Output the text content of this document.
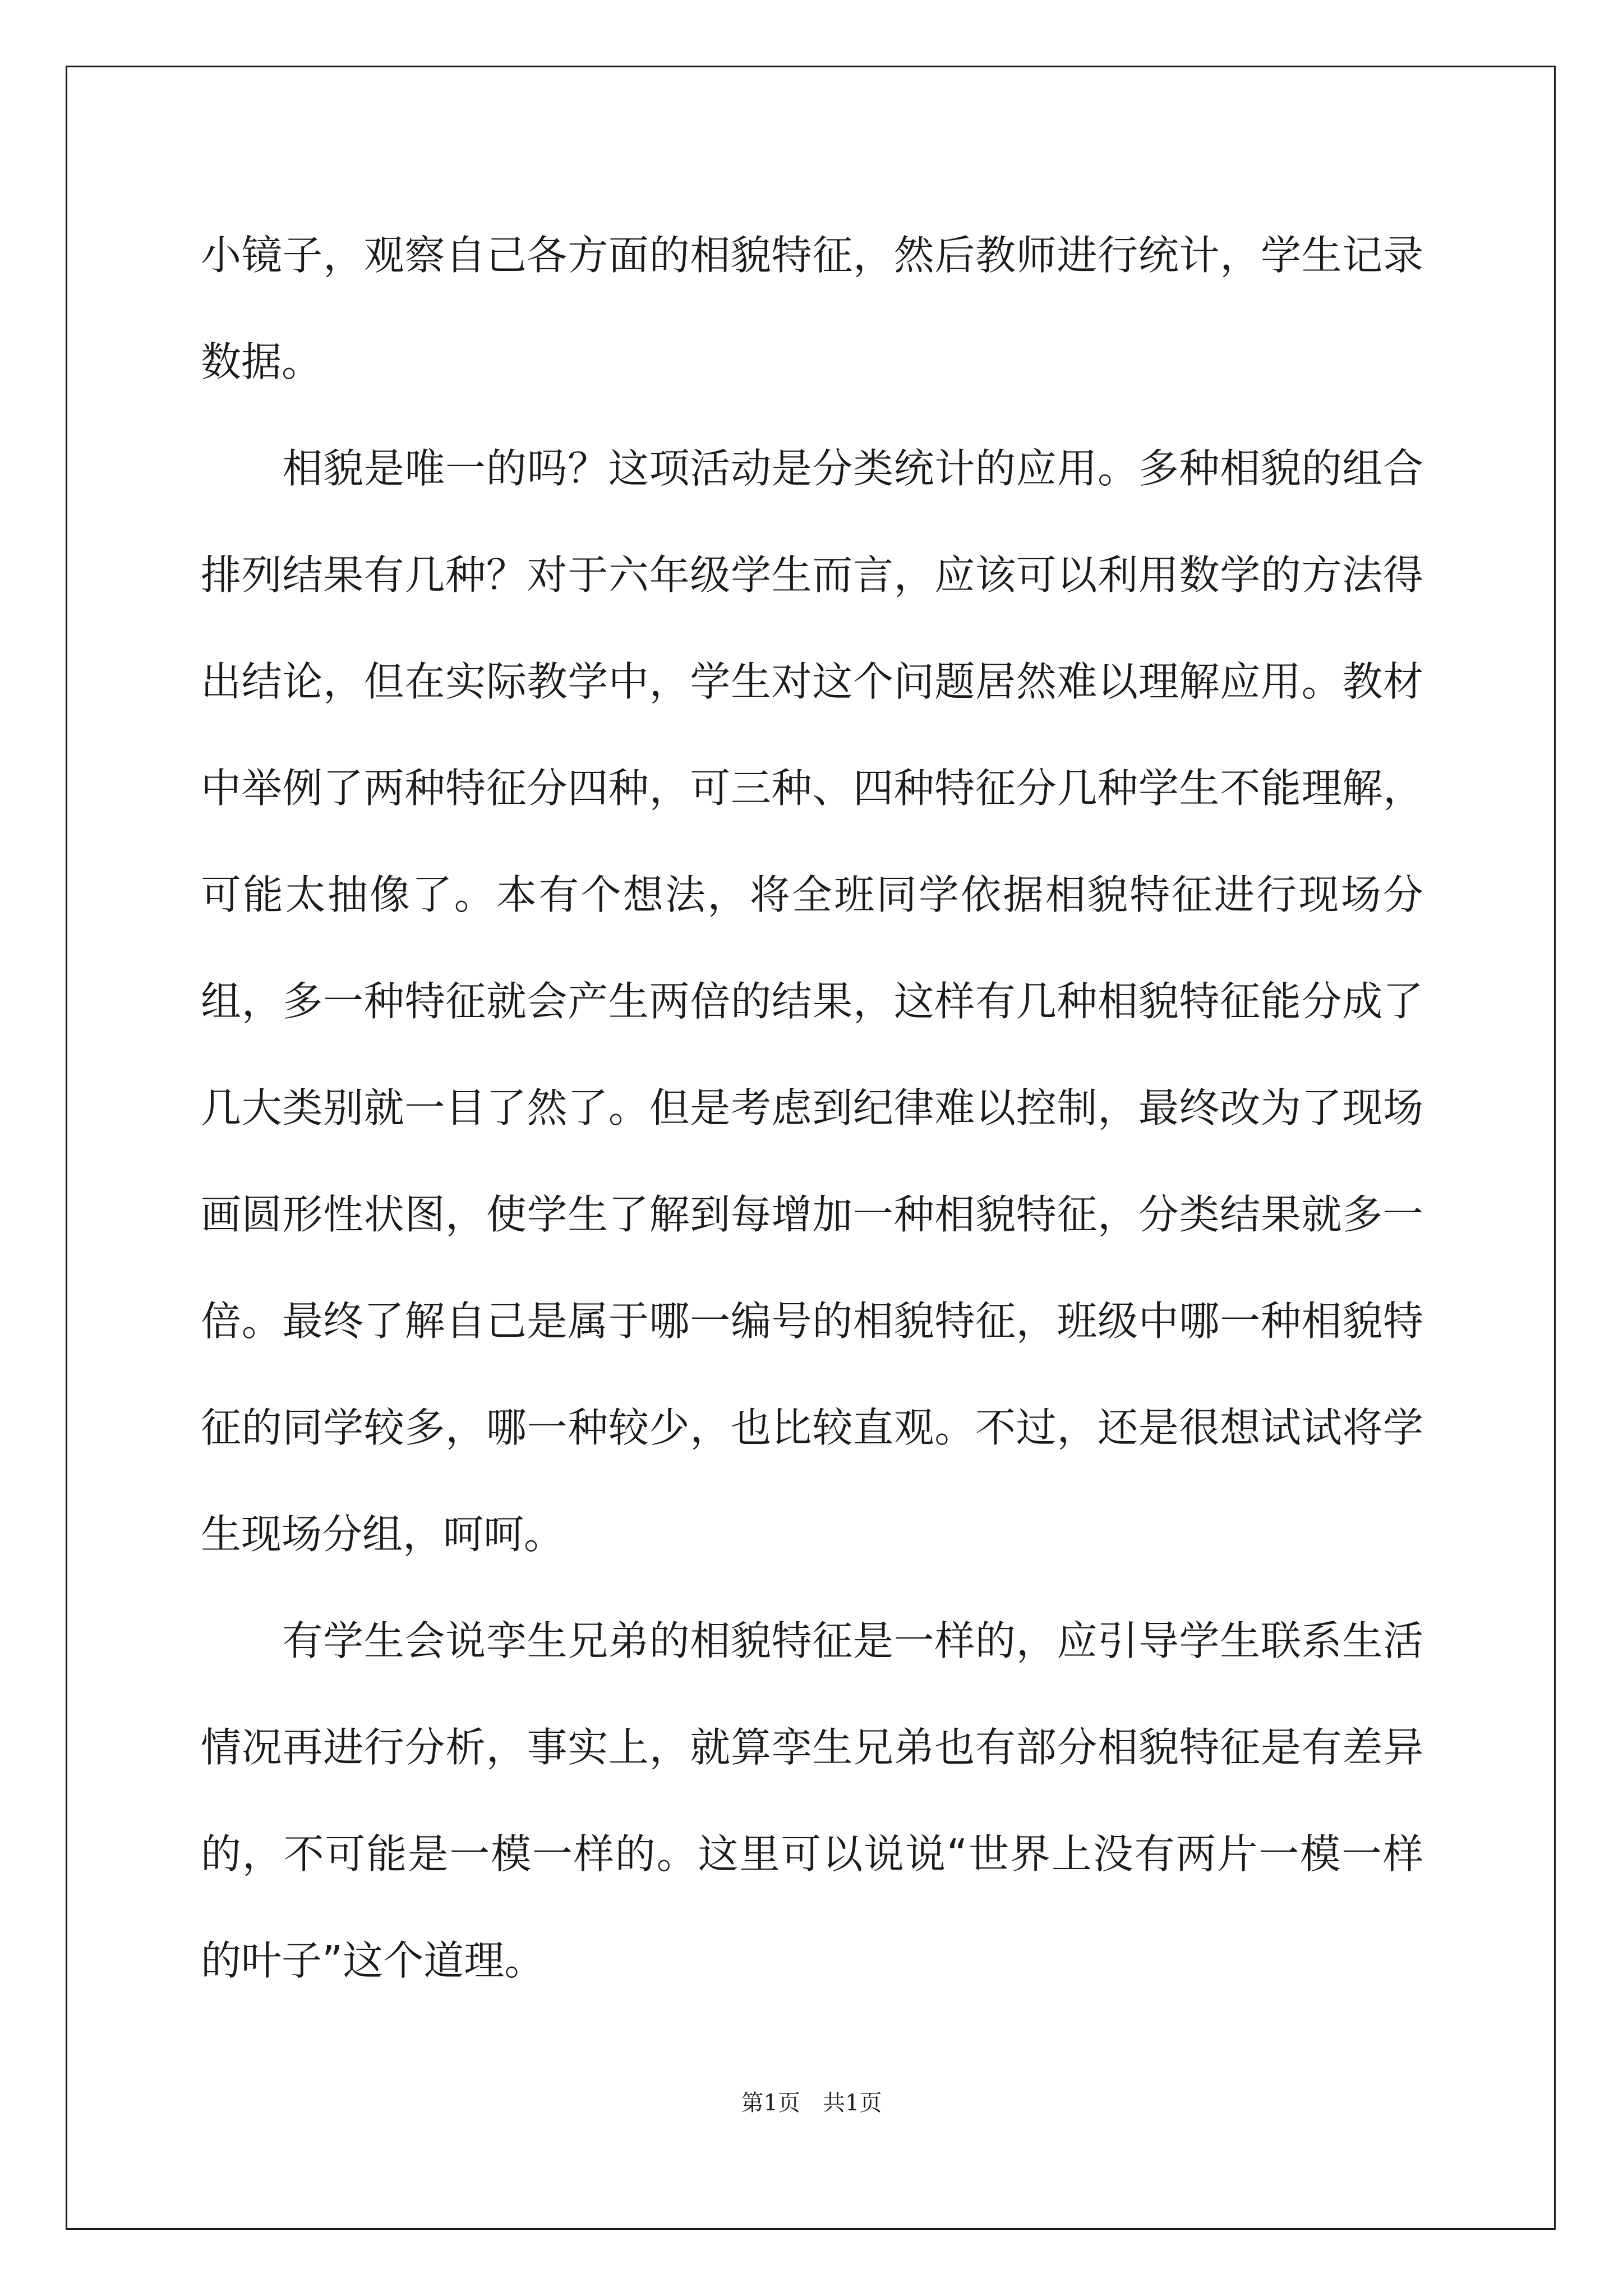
小镜子，观察自己各方面的相貌特征，然后教师进行统计，学生记录数据。

　　相貌是唯一的吗？这项活动是分类统计的应用。多种相貌的组合排列结果有几种？对于六年级学生而言，应该可以利用数学的方法得出结论，但在实际教学中，学生对这个问题居然难以理解应用。教材中举例了两种特征分四种，可三种、四种特征分几种学生不能理解，可能太抽像了。本有个想法，将全班同学依据相貌特征进行现场分组，多一种特征就会产生两倍的结果，这样有几种相貌特征能分成了几大类别就一目了然了。但是考虑到纪律难以控制，最终改为了现场画圆形性状图，使学生了解到每增加一种相貌特征，分类结果就多一倍。最终了解自己是属于哪一编号的相貌特征，班级中哪一种相貌特征的同学较多，哪一种较少，也比较直观。不过，还是很想试试将学生现场分组，呵呵。

　　有学生会说孪生兄弟的相貌特征是一样的，应引导学生联系生活情况再进行分析，事实上，就算孪生兄弟也有部分相貌特征是有差异的，不可能是一模一样的。这里可以说说“世界上没有两片一模一样的叶子”这个道理。

第1页　共1页
